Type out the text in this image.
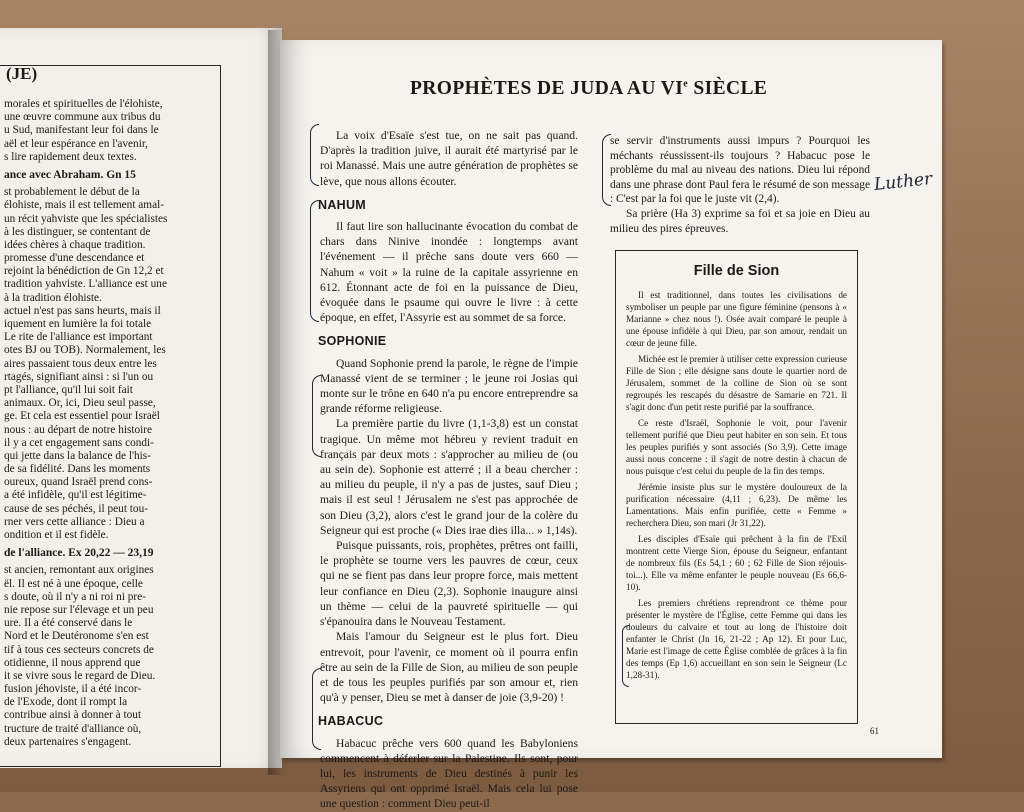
(JE)

morales et spirituelles de l'élohiste,

une œuvre commune aux tribus du

u Sud, manifestant leur foi dans le

aël et leur espérance en l'avenir,

s lire rapidement deux textes.

ance avec Abraham. Gn 15

st probablement le début de la

élohiste, mais il est tellement amal-

un récit yahviste que les spécialistes

à les distinguer, se contentant de

idées chères à chaque tradition.

promesse d'une descendance et

rejoint la bénédiction de Gn 12,2 et

tradition yahviste. L'alliance est une

à la tradition élohiste.

actuel n'est pas sans heurts, mais il

iquement en lumière la foi totale

Le rite de l'alliance est important

otes BJ ou TOB). Normalement, les

aires passaient tous deux entre les

rtagés, signifiant ainsi : si l'un ou

pt l'alliance, qu'il lui soit fait

animaux. Or, ici, Dieu seul passe,

ge. Et cela est essentiel pour Israël

nous : au départ de notre histoire

il y a cet engagement sans condi-

qui jette dans la balance de l'his-

de sa fidélité. Dans les moments

oureux, quand Israël prend cons-

a été infidèle, qu'il est légitime-

cause de ses péchés, il peut tou-

rner vers cette alliance : Dieu a

ondition et il est fidèle.

de l'alliance. Ex 20,22 — 23,19

st ancien, remontant aux origines

ël. Il est né à une époque, celle

s doute, où il n'y a ni roi ni pre-

nie repose sur l'élevage et un peu

ure. Il a été conservé dans le

Nord et le Deutéronome s'en est

tif à tous ces secteurs concrets de

otidienne, il nous apprend que

it se vivre sous le regard de Dieu.

fusion jéhoviste, il a été incor-

de l'Exode, dont il rompt la

contribue ainsi à donner à tout

tructure de traité d'alliance où,

deux partenaires s'engagent.

PROPHÈTES DE JUDA AU VIe SIÈCLE

La voix d'Esaïe s'est tue, on ne sait pas quand. D'après la tradition juive, il aurait été martyrisé par le roi Manassé. Mais une autre génération de prophètes se lève, que nous allons écouter.

NAHUM

Il faut lire son hallucinante évocation du combat de chars dans Ninive inondée : longtemps avant l'événement — il prêche sans doute vers 660 — Nahum « voit » la ruine de la capitale assyrienne en 612. Étonnant acte de foi en la puissance de Dieu, évoquée dans le psaume qui ouvre le livre : à cette époque, en effet, l'Assyrie est au sommet de sa force.

SOPHONIE

Quand Sophonie prend la parole, le règne de l'impie Manassé vient de se terminer ; le jeune roi Josias qui monte sur le trône en 640 n'a pu encore entreprendre sa grande réforme religieuse.

La première partie du livre (1,1-3,8) est un constat tragique. Un même mot hébreu y revient traduit en français par deux mots : s'approcher au milieu de (ou au sein de). Sophonie est atterré ; il a beau chercher : au milieu du peuple, il n'y a pas de justes, sauf Dieu ; mais il est seul ! Jérusalem ne s'est pas approchée de son Dieu (3,2), alors c'est le grand jour de la colère du Seigneur qui est proche (« Dies irae dies illa... » 1,14s).

Puisque puissants, rois, prophètes, prêtres ont failli, le prophète se tourne vers les pauvres de cœur, ceux qui ne se fient pas dans leur propre force, mais mettent leur confiance en Dieu (2,3). Sophonie inaugure ainsi un thème — celui de la pauvreté spirituelle — qui s'épanouira dans le Nouveau Testament.

Mais l'amour du Seigneur est le plus fort. Dieu entrevoit, pour l'avenir, ce moment où il pourra enfin être au sein de la Fille de Sion, au milieu de son peuple et de tous les peuples purifiés par son amour et, rien qu'à y penser, Dieu se met à danser de joie (3,9-20) !

HABACUC

Habacuc prêche vers 600 quand les Babyloniens commencent à déferler sur la Palestine. Ils sont, pour lui, les instruments de Dieu destinés à punir les Assyriens qui ont opprimé Israël. Mais cela lui pose une question : comment Dieu peut-il

se servir d'instruments aussi impurs ? Pourquoi les méchants réussissent-ils toujours ? Habacuc pose le problème du mal au niveau des nations. Dieu lui répond dans une phrase dont Paul fera le résumé de son message : C'est par la foi que le juste vit (2,4).

Sa prière (Ha 3) exprime sa foi et sa joie en Dieu au milieu des pires épreuves.

Luther
Fille de Sion

Il est traditionnel, dans toutes les civilisations de symboliser un peuple par une figure féminine (pensons à « Marianne » chez nous !). Osée avait comparé le peuple à une épouse infidèle à qui Dieu, par son amour, rendait un cœur de jeune fille.

Michée est le premier à utiliser cette expression curieuse Fille de Sion ; elle désigne sans doute le quartier nord de Jérusalem, sommet de la colline de Sion où se sont regroupés les rescapés du désastre de Samarie en 721. Il s'agit donc d'un petit reste purifié par la souffrance.

Ce reste d'Israël, Sophonie le voit, pour l'avenir tellement purifié que Dieu peut habiter en son sein. Et tous les peuples purifiés y sont associés (So 3,9). Cette image aussi nous concerne : il s'agit de notre destin à chacun de nous puisque c'est celui du peuple de la fin des temps.

Jérémie insiste plus sur le mystère douloureux de la purification nécessaire (4,11 ; 6,23). De même les Lamentations. Mais enfin purifiée, cette « Femme » recherchera Dieu, son mari (Jr 31,22).

Les disciples d'Esaïe qui prêchent à la fin de l'Exil montrent cette Vierge Sion, épouse du Seigneur, enfantant de nombreux fils (Es 54,1 ; 60 ; 62 Fille de Sion réjouis-toi...). Elle va même enfanter le peuple nouveau (Es 66,6-10).

Les premiers chrétiens reprendront ce thème pour présenter le mystère de l'Église, cette Femme qui dans les douleurs du calvaire et tout au long de l'histoire doit enfanter le Christ (Jn 16, 21-22 ; Ap 12). Et pour Luc, Marie est l'image de cette Église comblée de grâces à la fin des temps (Ep 1,6) accueillant en son sein le Seigneur (Lc 1,28-31).

61
